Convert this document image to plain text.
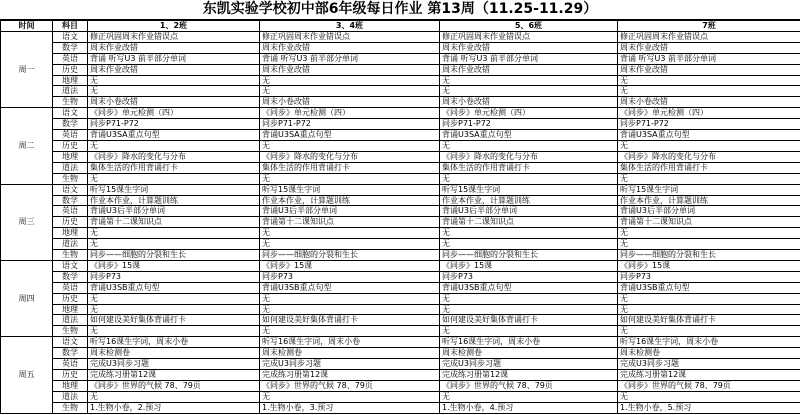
东凯实验学校初中部6年级每日作业 第13周（11.25-11.29）
时间	科目	1、2班	3、4班	5、6班	7班
周一	语文	修正巩固周末作业错误点	修正巩固周末作业错误点	修正巩固周末作业错误点	修正巩固周末作业错误点
	数学	周末作业改错	周末作业改错	周末作业改错	周末作业改错
	英语	背诵 听写U3 前半部分单词	背诵 听写U3 前半部分单词	背诵 听写U3 前半部分单词	背诵 听写U3 前半部分单词
	历史	周末作业改错	周末作业改错	周末作业改错	周末作业改错
	地理	无	无	无	无
	道法	无	无	无	无
	生物	周末小卷改错	周末小卷改错	周末小卷改错	周末小卷改错
周二	语文	《同步》单元检测（四）	《同步》单元检测（四）	《同步》单元检测（四）	《同步》单元检测（四）
	数学	同步P71-P72	同步P71-P72	同步P71-P72	同步P71-P72
	英语	背诵U3SA重点句型	背诵U3SA重点句型	背诵U3SA重点句型	背诵U3SA重点句型
	历史	无	无	无	无
	地理	《同步》降水的变化与分布	《同步》降水的变化与分布	《同步》降水的变化与分布	《同步》降水的变化与分布
	道法	集体生活的作用背诵打卡	集体生活的作用背诵打卡	集体生活的作用背诵打卡	集体生活的作用背诵打卡
	生物	无	无	无	无
周三	语文	听写15课生字词	听写15课生字词	听写15课生字词	听写15课生字词
	数学	作业本作业，计算题训练	作业本作业，计算题训练	作业本作业，计算题训练	作业本作业，计算题训练
	英语	背诵U3后半部分单词	背诵U3后半部分单词	背诵U3后半部分单词	背诵U3后半部分单词
	历史	背诵第十二课知识点	背诵第十二课知识点	背诵第十二课知识点	背诵第十二课知识点
	地理	无	无	无	无
	道法	无	无	无	无
	生物	同步——细胞的分裂和生长	同步——细胞的分裂和生长	同步——细胞的分裂和生长	同步——细胞的分裂和生长
周四	语文	《同步》15课	《同步》15课	《同步》15课	《同步》15课
	数学	同步P73	同步P73	同步P73	同步P73
	英语	背诵U3SB重点句型	背诵U3SB重点句型	背诵U3SB重点句型	背诵U3SB重点句型
	历史	无	无	无	无
	地理	无	无	无	无
	道法	如何建设美好集体背诵打卡	如何建设美好集体背诵打卡	如何建设美好集体背诵打卡	如何建设美好集体背诵打卡
	生物	无	无	无	无
周五	语文	听写16课生字词，周末小卷	听写16课生字词，周末小卷	听写16课生字词，周末小卷	听写16课生字词，周末小卷
	数学	周末检测卷	周末检测卷	周末检测卷	周末检测卷
	英语	完成U3同步习题	完成U3同步习题	完成U3同步习题	完成U3同步习题
	历史	完成练习册第12课	完成练习册第12课	完成练习册第12课	完成练习册第12课
	地理	《同步》世界的气候 78、79页	《同步》世界的气候 78、79页	《同步》世界的气候 78、79页	《同步》世界的气候 78、79页
	道法	无	无	无	无
	生物	1.生物小卷，2.预习	1.生物小卷，3.预习	1.生物小卷，4.预习	1.生物小卷，5.预习
